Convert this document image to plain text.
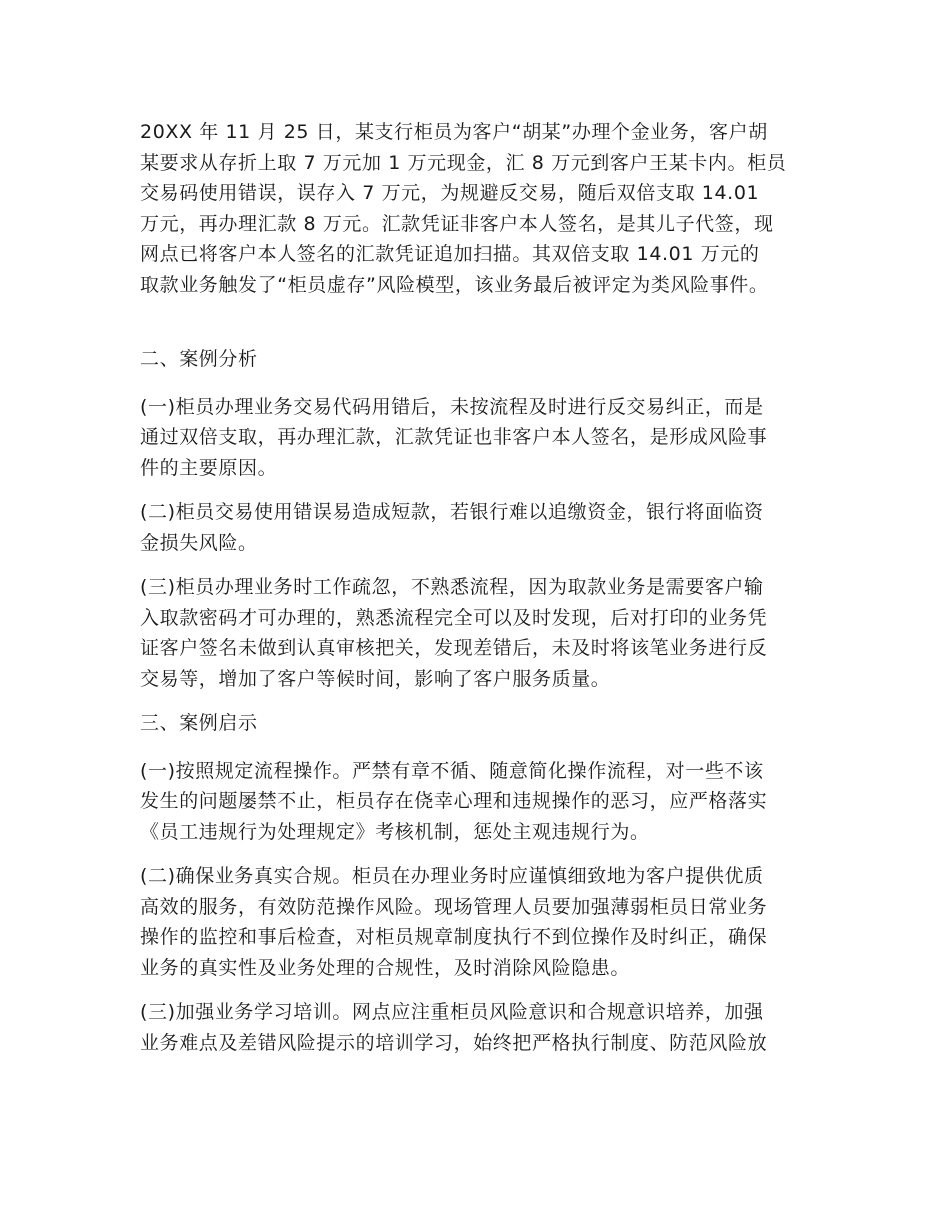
20XX 年 11 月 25 日，某支行柜员为客户“胡某”办理个金业务，客户胡
某要求从存折上取 7 万元加 1 万元现金，汇 8 万元到客户王某卡内。柜员
交易码使用错误，误存入 7 万元，为规避反交易，随后双倍支取 14.01
万元，再办理汇款 8 万元。汇款凭证非客户本人签名，是其儿子代签，现
网点已将客户本人签名的汇款凭证追加扫描。其双倍支取 14.01 万元的
取款业务触发了“柜员虚存”风险模型，该业务最后被评定为类风险事件。

二、案例分析

(一)柜员办理业务交易代码用错后，未按流程及时进行反交易纠正，而是
通过双倍支取，再办理汇款，汇款凭证也非客户本人签名，是形成风险事
件的主要原因。

(二)柜员交易使用错误易造成短款，若银行难以追缴资金，银行将面临资
金损失风险。

(三)柜员办理业务时工作疏忽，不熟悉流程，因为取款业务是需要客户输
入取款密码才可办理的，熟悉流程完全可以及时发现，后对打印的业务凭
证客户签名未做到认真审核把关，发现差错后，未及时将该笔业务进行反
交易等，增加了客户等候时间，影响了客户服务质量。

三、案例启示

(一)按照规定流程操作。严禁有章不循、随意简化操作流程，对一些不该
发生的问题屡禁不止，柜员存在侥幸心理和违规操作的恶习，应严格落实
《员工违规行为处理规定》考核机制，惩处主观违规行为。

(二)确保业务真实合规。柜员在办理业务时应谨慎细致地为客户提供优质
高效的服务，有效防范操作风险。现场管理人员要加强薄弱柜员日常业务
操作的监控和事后检查，对柜员规章制度执行不到位操作及时纠正，确保
业务的真实性及业务处理的合规性，及时消除风险隐患。

(三)加强业务学习培训。网点应注重柜员风险意识和合规意识培养，加强
业务难点及差错风险提示的培训学习，始终把严格执行制度、防范风险放
